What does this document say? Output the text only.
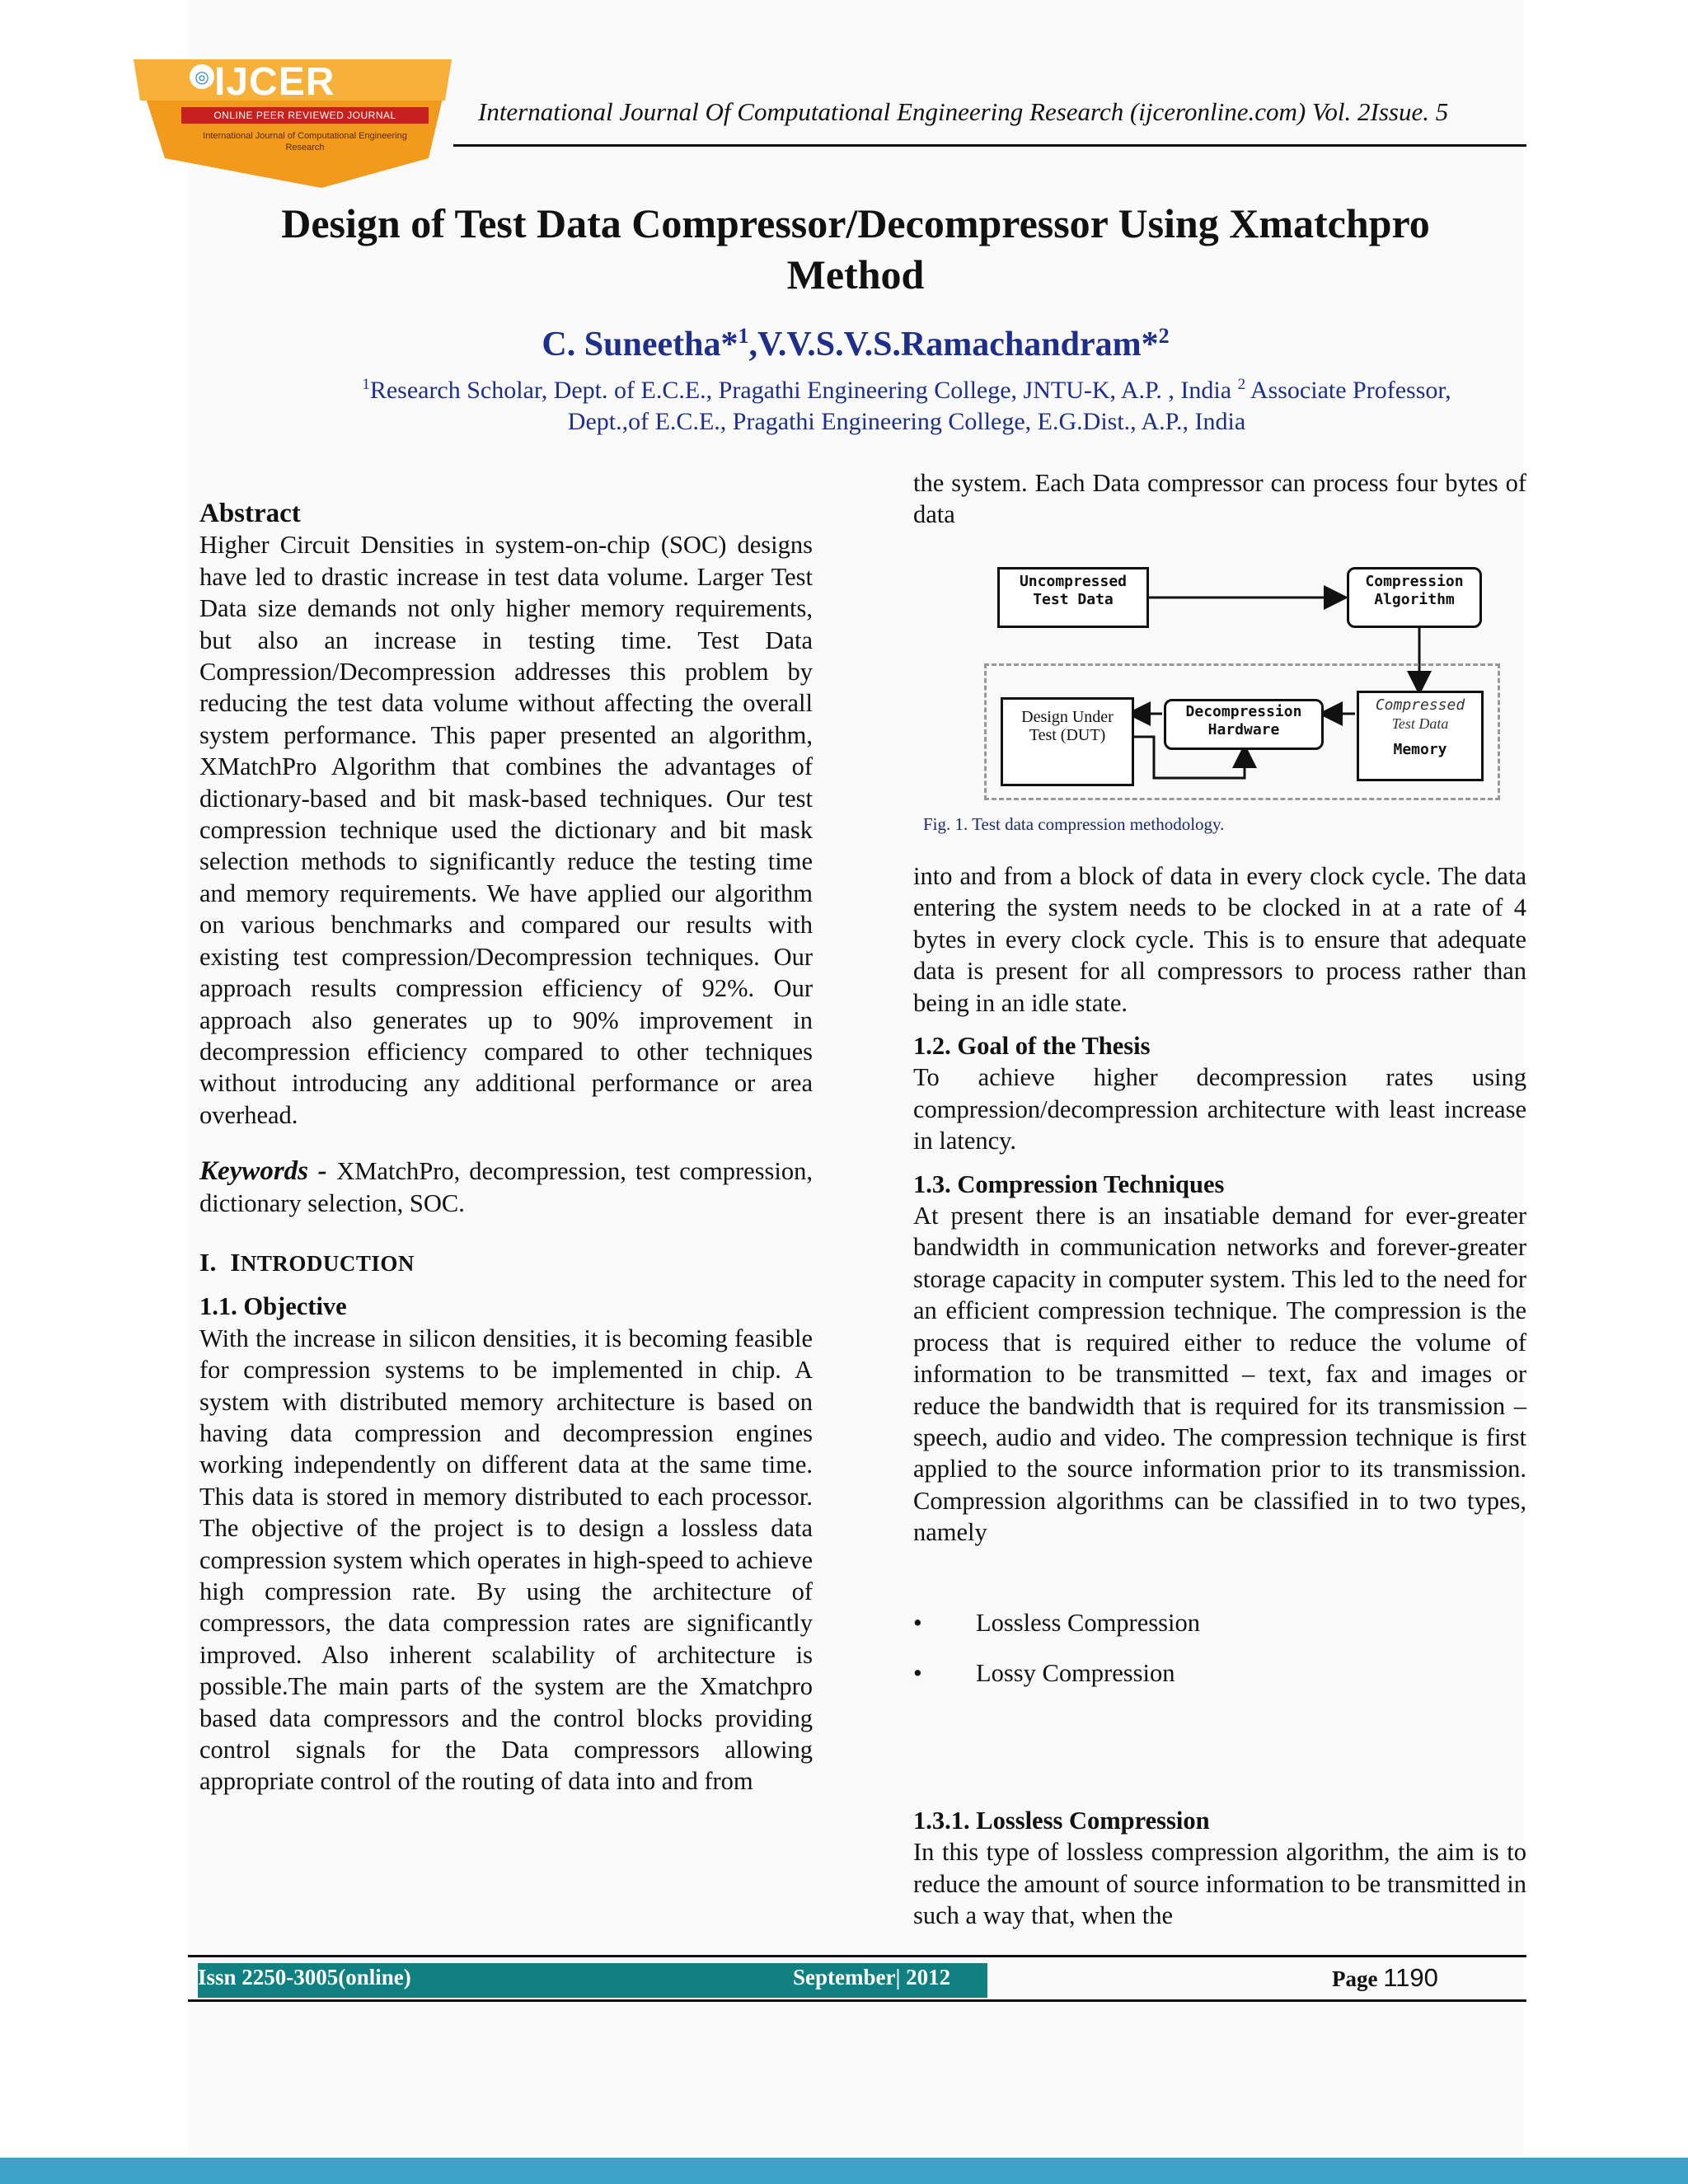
◎ IJCER
ONLINE PEER REVIEWED JOURNAL
International Journal of Computational Engineering Research
International Journal Of Computational Engineering Research (ijceronline.com) Vol. 2Issue. 5
Design of Test Data Compressor/Decompressor Using Xmatchpro
Method
C. Suneetha*$^1$,V.V.S.V.S.Ramachandram*$^2$
$^1$Research Scholar, Dept. of E.C.E., Pragathi Engineering College, JNTU-K, A.P. , India $^2$ Associate Professor,
Dept.,of E.C.E., Pragathi Engineering College, E.G.Dist., A.P., India

Abstract

Higher Circuit Densities in system-on-chip (SOC) designs have led to drastic increase in test data volume. Larger Test Data size demands not only higher memory requirements, but also an increase in testing time. Test Data Compression/Decompression addresses this problem by reducing the test data volume without affecting the overall system performance. This paper presented an algorithm, XMatchPro Algorithm that combines the advantages of dictionary-based and bit mask-based techniques. Our test compression technique used the dictionary and bit mask selection methods to significantly reduce the testing time and memory requirements. We have applied our algorithm on various benchmarks and compared our results with existing test compression/Decompression techniques. Our approach results compression efficiency of 92%. Our approach also generates up to 90% improvement in decompression efficiency compared to other techniques without introducing any additional performance or area overhead.

Keywords - XMatchPro, decompression, test compression, dictionary selection, SOC.

I. INTRODUCTION

1.1. Objective

With the increase in silicon densities, it is becoming feasible for compression systems to be implemented in chip. A system with distributed memory architecture is based on having data compression and decompression engines working independently on different data at the same time. This data is stored in memory distributed to each processor. The objective of the project is to design a lossless data compression system which operates in high-speed to achieve high compression rate. By using the architecture of compressors, the data compression rates are significantly improved. Also inherent scalability of architecture is possible.The main parts of the system are the Xmatchpro based data compressors and the control blocks providing control signals for the Data compressors allowing appropriate control of the routing of data into and from

the system. Each Data compressor can process four bytes of data

Uncompressed
Test Data
Compression
Algorithm
Design Under
Test (DUT)
Decompression
Hardware
Compressed
Test Data
Memory
Fig. 1. Test data compression methodology.

into and from a block of data in every clock cycle. The data entering the system needs to be clocked in at a rate of 4 bytes in every clock cycle. This is to ensure that adequate data is present for all compressors to process rather than being in an idle state.

1.2. Goal of the Thesis

To achieve higher decompression rates using compression/decompression architecture with least increase in latency.

1.3. Compression Techniques

At present there is an insatiable demand for ever-greater bandwidth in communication networks and forever-greater storage capacity in computer system. This led to the need for an efficient compression technique. The compression is the process that is required either to reduce the volume of information to be transmitted – text, fax and images or reduce the bandwidth that is required for its transmission – speech, audio and video. The compression technique is first applied to the source information prior to its transmission. Compression algorithms can be classified in to two types, namely

• Lossless Compression
• Lossy Compression

1.3.1. Lossless Compression

In this type of lossless compression algorithm, the aim is to reduce the amount of source information to be transmitted in such a way that, when the

Issn 2250-3005(online)	September| 2012	Page 1190
